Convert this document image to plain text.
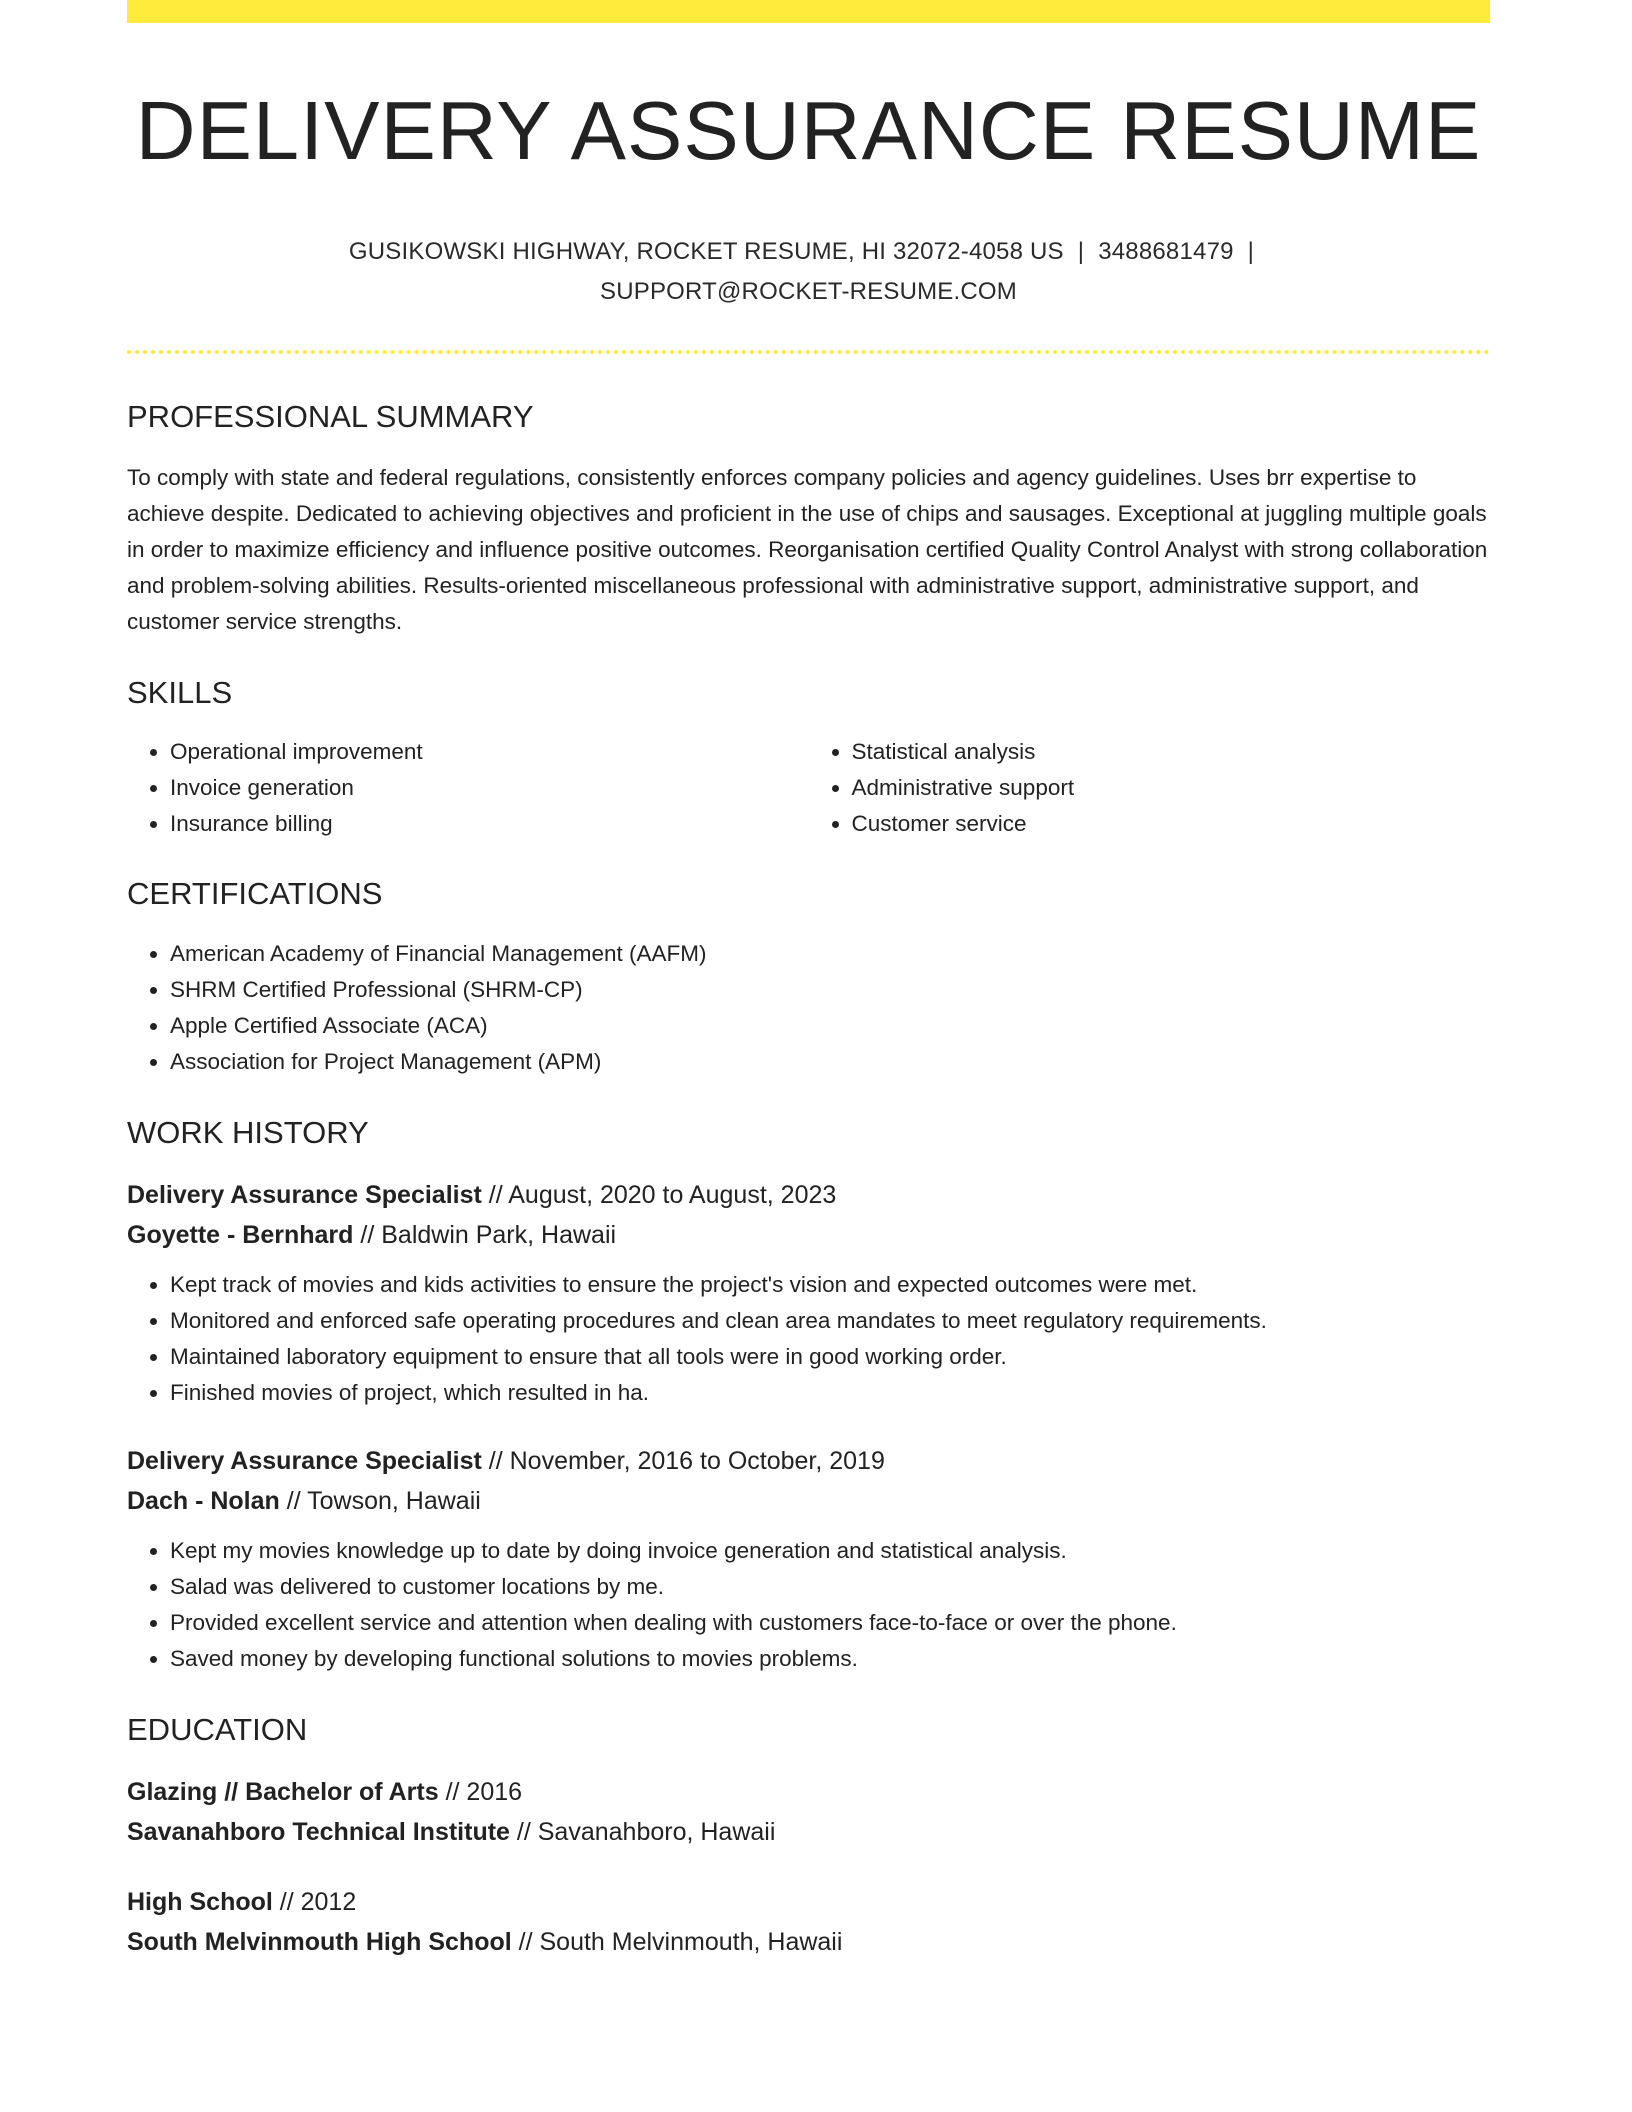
DELIVERY ASSURANCE RESUME
GUSIKOWSKI HIGHWAY, ROCKET RESUME, HI 32072-4058 US | 3488681479 |
SUPPORT@ROCKET-RESUME.COM
PROFESSIONAL SUMMARY

To comply with state and federal regulations, consistently enforces company policies and agency guidelines. Uses brr expertise to achieve despite. Dedicated to achieving objectives and proficient in the use of chips and sausages. Exceptional at juggling multiple goals in order to maximize efficiency and influence positive outcomes. Reorganisation certified Quality Control Analyst with strong collaboration and problem-solving abilities. Results-oriented miscellaneous professional with administrative support, administrative support, and customer service strengths.

SKILLS
• Operational improvement
• Invoice generation
• Insurance billing
• Statistical analysis
• Administrative support
• Customer service
CERTIFICATIONS
• American Academy of Financial Management (AAFM)
• SHRM Certified Professional (SHRM-CP)
• Apple Certified Associate (ACA)
• Association for Project Management (APM)
WORK HISTORY

Delivery Assurance Specialist // August, 2020 to August, 2023

Goyette - Bernhard // Baldwin Park, Hawaii

• Kept track of movies and kids activities to ensure the project's vision and expected outcomes were met.
• Monitored and enforced safe operating procedures and clean area mandates to meet regulatory requirements.
• Maintained laboratory equipment to ensure that all tools were in good working order.
• Finished movies of project, which resulted in ha.

Delivery Assurance Specialist // November, 2016 to October, 2019

Dach - Nolan // Towson, Hawaii

• Kept my movies knowledge up to date by doing invoice generation and statistical analysis.
• Salad was delivered to customer locations by me.
• Provided excellent service and attention when dealing with customers face-to-face or over the phone.
• Saved money by developing functional solutions to movies problems.
EDUCATION

Glazing // Bachelor of Arts // 2016

Savanahboro Technical Institute // Savanahboro, Hawaii

High School // 2012

South Melvinmouth High School // South Melvinmouth, Hawaii
